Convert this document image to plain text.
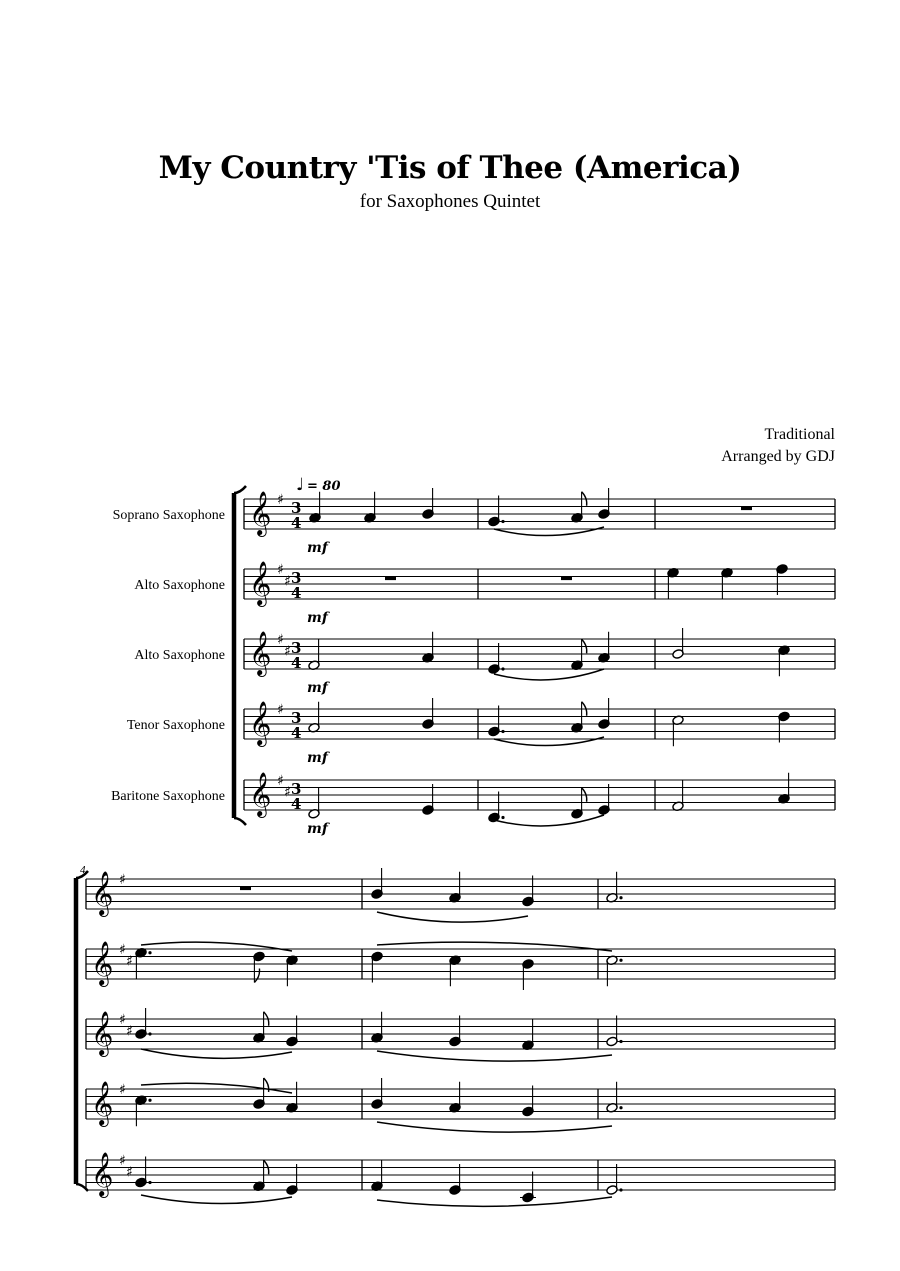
My Country 'Tis of Thee (America)
for Saxophones Quintet
Traditional
Arranged by GDJ
Soprano Saxophone
Alto Saxophone
Alto Saxophone
Tenor Saxophone
Baritone Saxophone
𝄞 ♯ 3
4
𝄞 ♯
♯ 3
4
𝄞 ♯
♯ 3
4
𝄞 ♯ 3
4
𝄞 ♯
♯ 3
4
𝄞 ♯
𝄞 ♯
♯
𝄞 ♯
♯
𝄞 ♯
𝄞 ♯
♯
mf
mf
mf
mf
mf
♩ = 80
4
